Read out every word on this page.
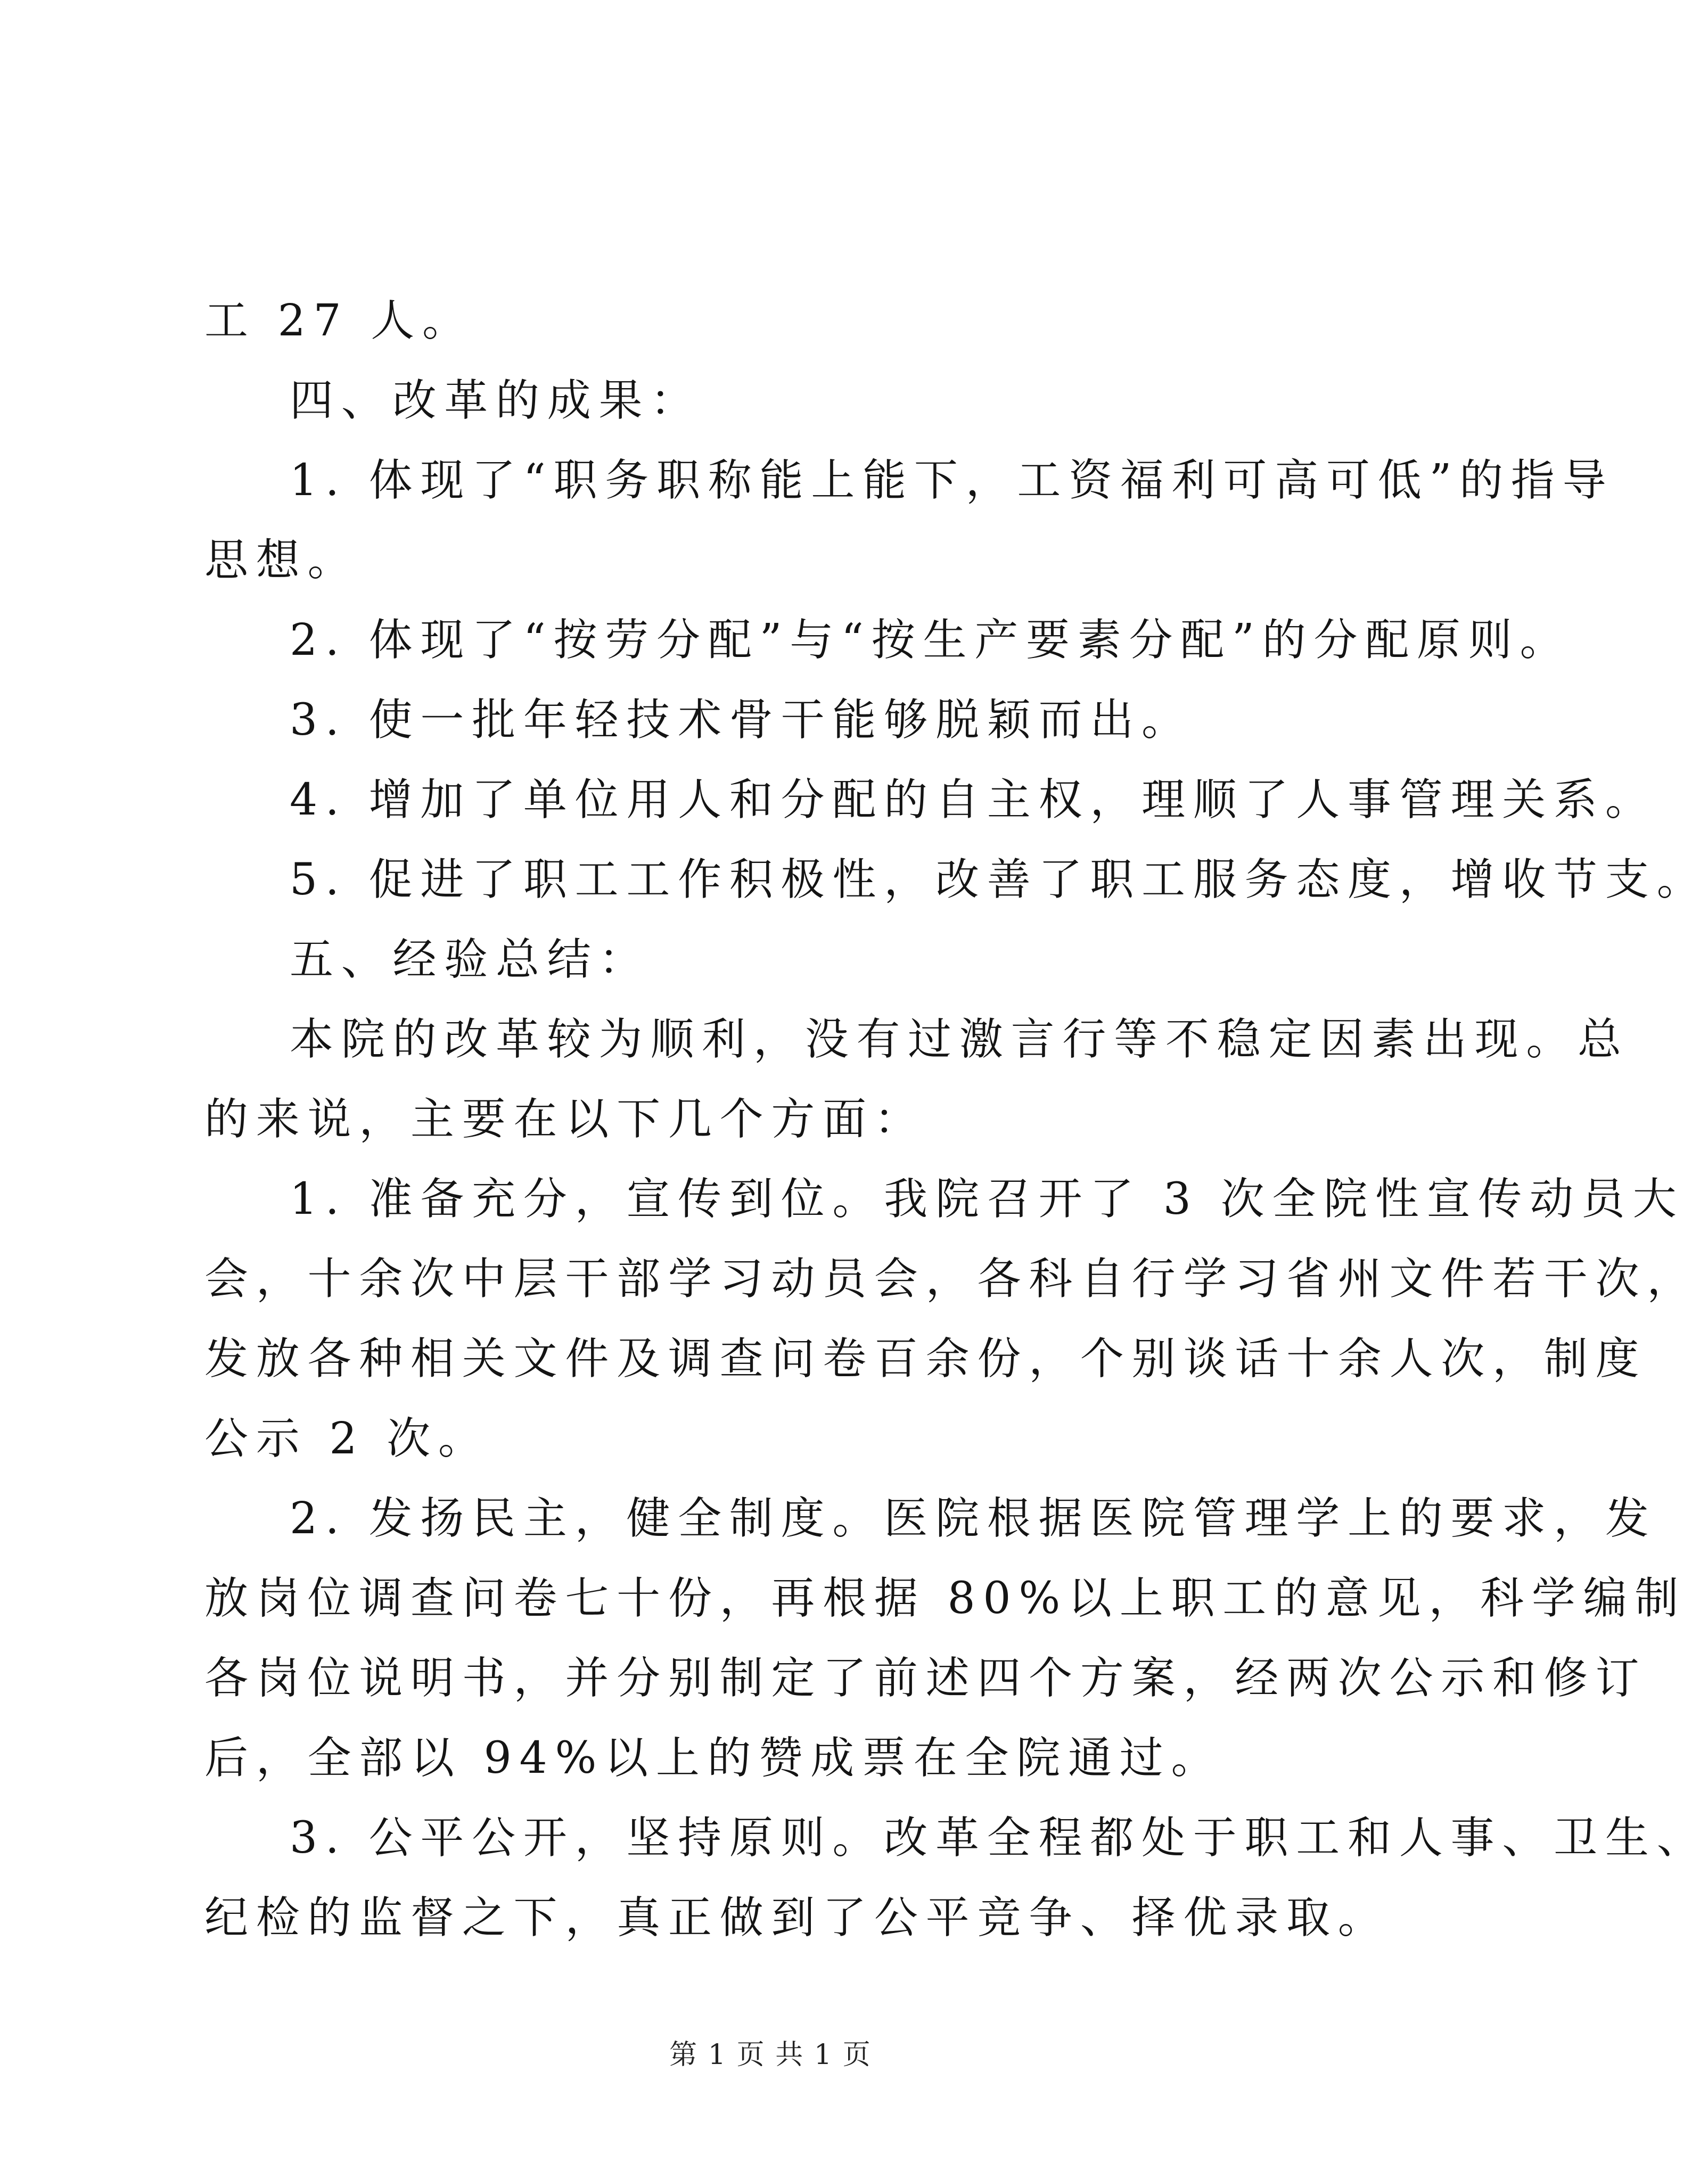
工 27 人。
四、改革的成果：
1. 体现了“职务职称能上能下，工资福利可高可低”的指导
思想。
2. 体现了“按劳分配”与“按生产要素分配”的分配原则。
3. 使一批年轻技术骨干能够脱颖而出。
4. 增加了单位用人和分配的自主权，理顺了人事管理关系。
5. 促进了职工工作积极性，改善了职工服务态度，增收节支。
五、经验总结：
本院的改革较为顺利，没有过激言行等不稳定因素出现。总
的来说，主要在以下几个方面：
1. 准备充分，宣传到位。我院召开了 3 次全院性宣传动员大
会，十余次中层干部学习动员会，各科自行学习省州文件若干次，
发放各种相关文件及调查问卷百余份，个别谈话十余人次，制度
公示 2 次。
2. 发扬民主，健全制度。医院根据医院管理学上的要求，发
放岗位调查问卷七十份，再根据 80%以上职工的意见，科学编制
各岗位说明书，并分别制定了前述四个方案，经两次公示和修订
后，全部以 94%以上的赞成票在全院通过。
3. 公平公开，坚持原则。改革全程都处于职工和人事、卫生、
纪检的监督之下，真正做到了公平竞争、择优录取。
第 1 页 共 1 页
